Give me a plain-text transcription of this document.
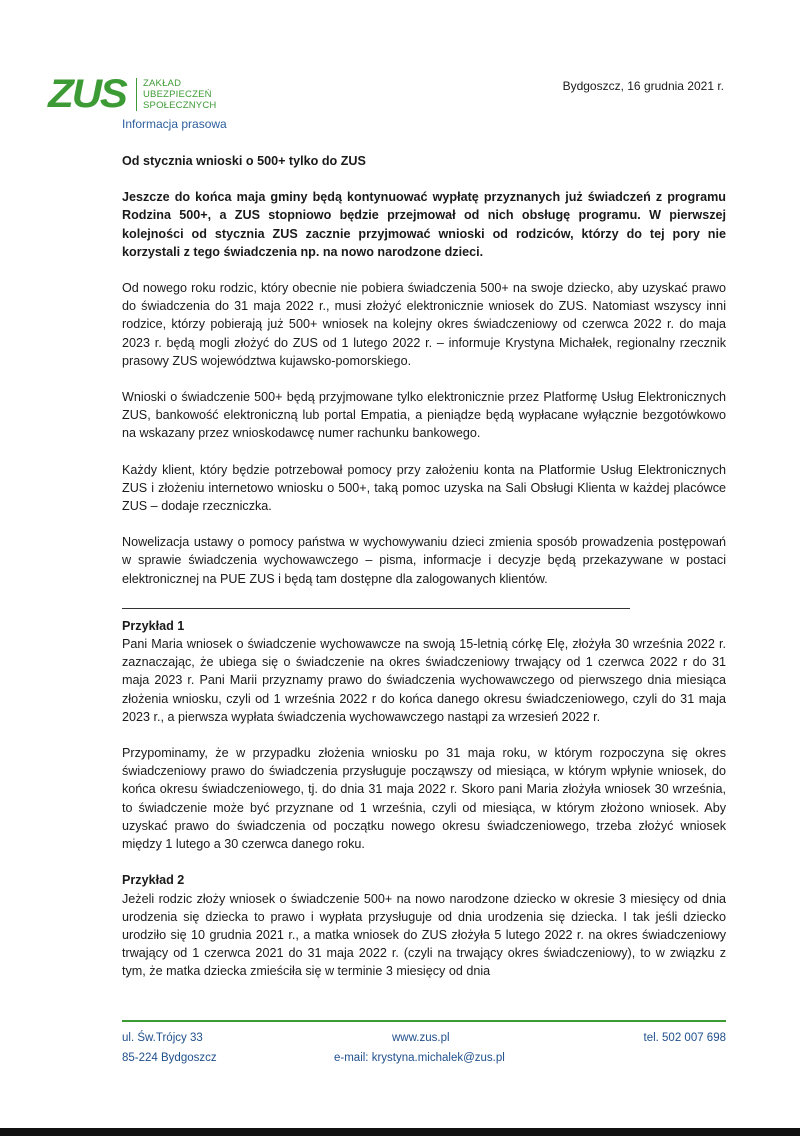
ZUS ZAKŁAD
UBEZPIECZEŃ
SPOŁECZNYCH
Informacja prasowa
Bydgoszcz, 16 grudnia 2021 r.
Od stycznia wnioski o 500+ tylko do ZUS
Jeszcze do końca maja gminy będą kontynuować wypłatę przyznanych już świadczeń z programu Rodzina 500+, a ZUS stopniowo będzie przejmował od nich obsługę programu. W pierwszej kolejności od stycznia ZUS zacznie przyjmować wnioski od rodziców, którzy do tej pory nie korzystali z tego świadczenia np. na nowo narodzone dzieci.

Od nowego roku rodzic, który obecnie nie pobiera świadczenia 500+ na swoje dziecko, aby uzyskać prawo do świadczenia do 31 maja 2022 r., musi złożyć elektronicznie wniosek do ZUS. Natomiast wszyscy inni rodzice, którzy pobierają już 500+ wniosek na kolejny okres świadczeniowy od czerwca 2022 r. do maja 2023 r. będą mogli złożyć do ZUS od 1 lutego 2022 r. – informuje Krystyna Michałek, regionalny rzecznik prasowy ZUS województwa kujawsko-pomorskiego.

Wnioski o świadczenie 500+ będą przyjmowane tylko elektronicznie przez Platformę Usług Elektronicznych ZUS, bankowość elektroniczną lub portal Empatia, a pieniądze będą wypłacane wyłącznie bezgotówkowo na wskazany przez wnioskodawcę numer rachunku bankowego.

Każdy klient, który będzie potrzebował pomocy przy założeniu konta na Platformie Usług Elektronicznych ZUS i złożeniu internetowo wniosku o 500+, taką pomoc uzyska na Sali Obsługi Klienta w każdej placówce ZUS – dodaje rzeczniczka.

Nowelizacja ustawy o pomocy państwa w wychowywaniu dzieci zmienia sposób prowadzenia postępowań w sprawie świadczenia wychowawczego – pisma, informacje i decyzje będą przekazywane w postaci elektronicznej na PUE ZUS i będą tam dostępne dla zalogowanych klientów.

Przykład 1

Pani Maria wniosek o świadczenie wychowawcze na swoją 15-letnią córkę Elę, złożyła 30 września 2022 r. zaznaczając, że ubiega się o świadczenie na okres świadczeniowy trwający od 1 czerwca 2022 r do 31 maja 2023 r. Pani Marii przyznamy prawo do świadczenia wychowawczego od pierwszego dnia miesiąca złożenia wniosku, czyli od 1 września 2022 r do końca danego okresu świadczeniowego, czyli do 31 maja 2023 r., a pierwsza wypłata świadczenia wychowawczego nastąpi za wrzesień 2022 r.

Przypominamy, że w przypadku złożenia wniosku po 31 maja roku, w którym rozpoczyna się okres świadczeniowy prawo do świadczenia przysługuje począwszy od miesiąca, w którym wpłynie wniosek, do końca okresu świadczeniowego, tj. do dnia 31 maja 2022 r. Skoro pani Maria złożyła wniosek 30 września, to świadczenie może być przyznane od 1 września, czyli od miesiąca, w którym złożono wniosek. Aby uzyskać prawo do świadczenia od początku nowego okresu świadczeniowego, trzeba złożyć wniosek między 1 lutego a 30 czerwca danego roku.

Przykład 2

Jeżeli rodzic złoży wniosek o świadczenie 500+ na nowo narodzone dziecko w okresie 3 miesięcy od dnia urodzenia się dziecka to prawo i wypłata przysługuje od dnia urodzenia się dziecka. I tak jeśli dziecko urodziło się 10 grudnia 2021 r., a matka wniosek do ZUS złożyła 5 lutego 2022 r. na okres świadczeniowy trwający od 1 czerwca 2021 do 31 maja 2022 r. (czyli na trwający okres świadczeniowy), to w związku z tym, że matka dziecka zmieściła się w terminie 3 miesięcy od dnia

ul. Św.Trójcy 33
85-224 Bydgoszcz
www.zus.pl
e-mail: krystyna.michalek@zus.pl
tel. 502 007 698
